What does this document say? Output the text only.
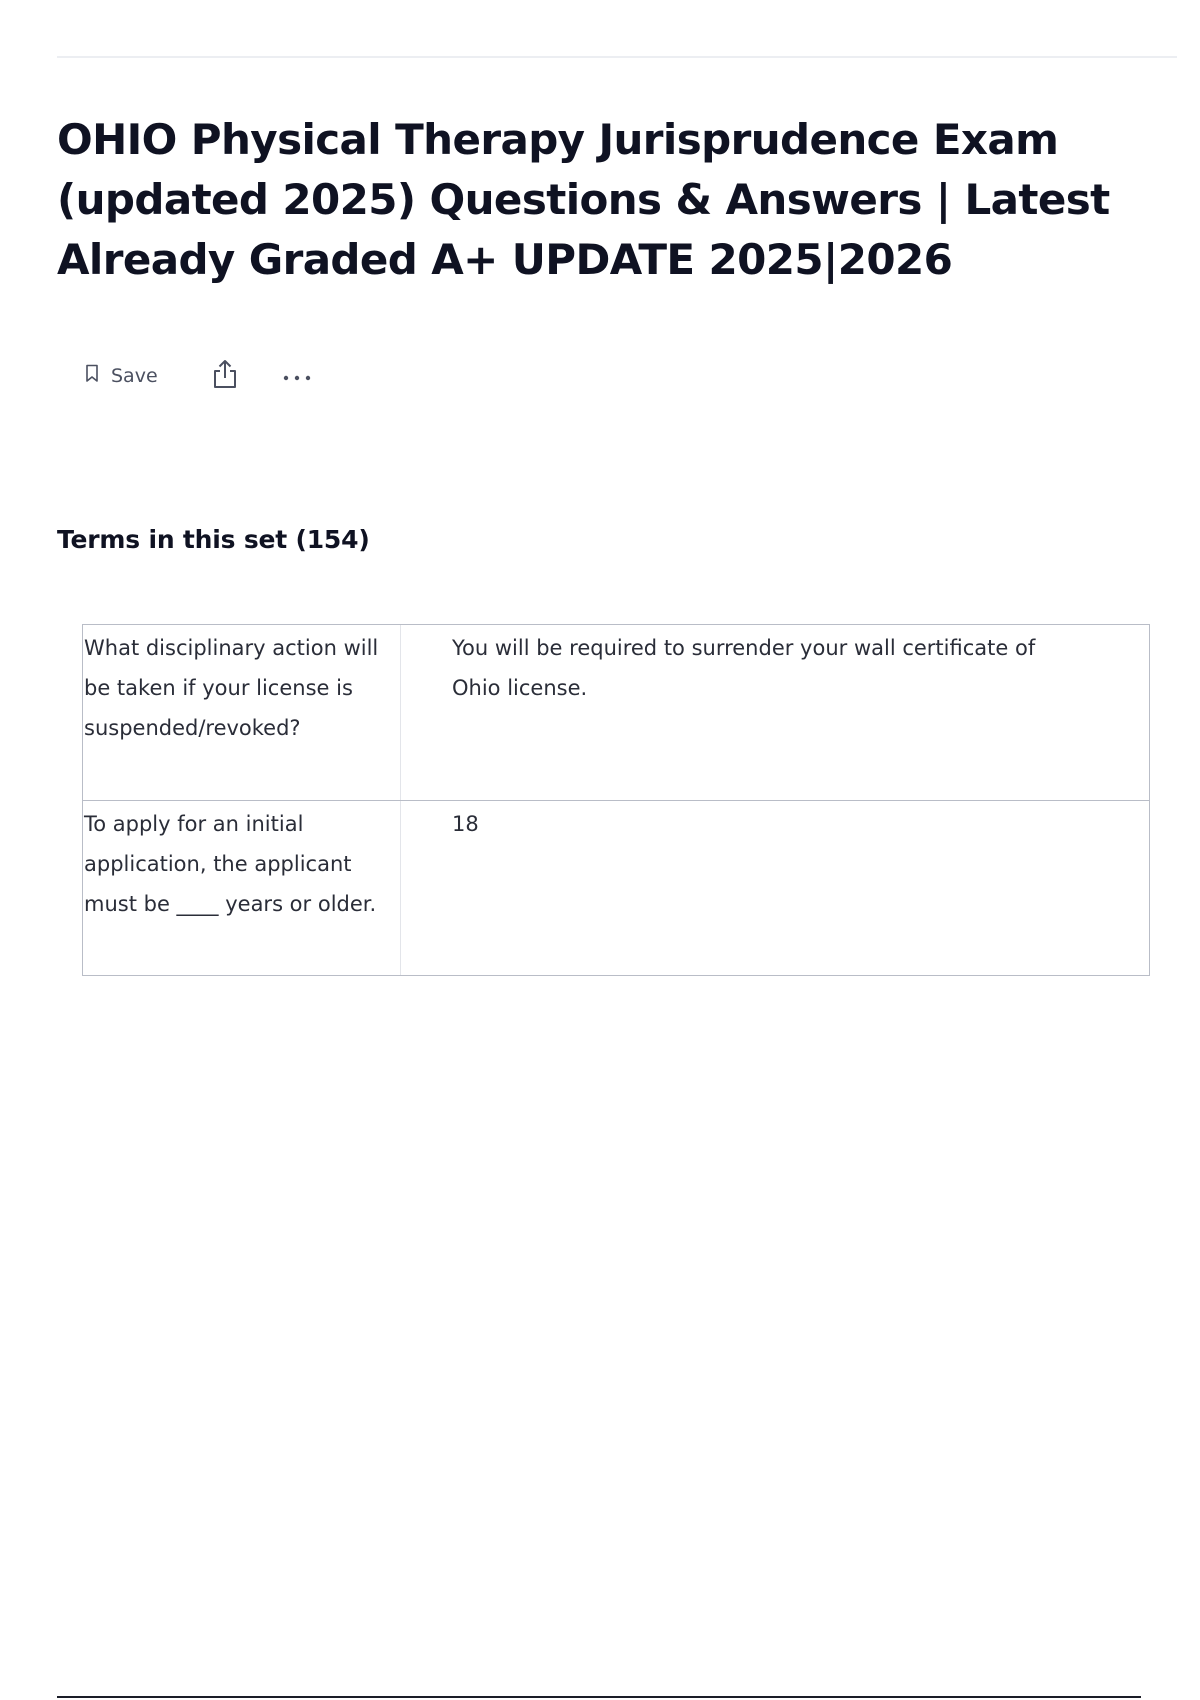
OHIO Physical Therapy Jurisprudence Exam (updated 2025) Questions & Answers | Latest Already Graded A+ UPDATE 2025|2026
Save
Terms in this set (154)
What disciplinary action will be taken if your license is suspended/revoked?
You will be required to surrender your wall certificate of Ohio license.
To apply for an initial application, the applicant must be ____ years or older.
18
